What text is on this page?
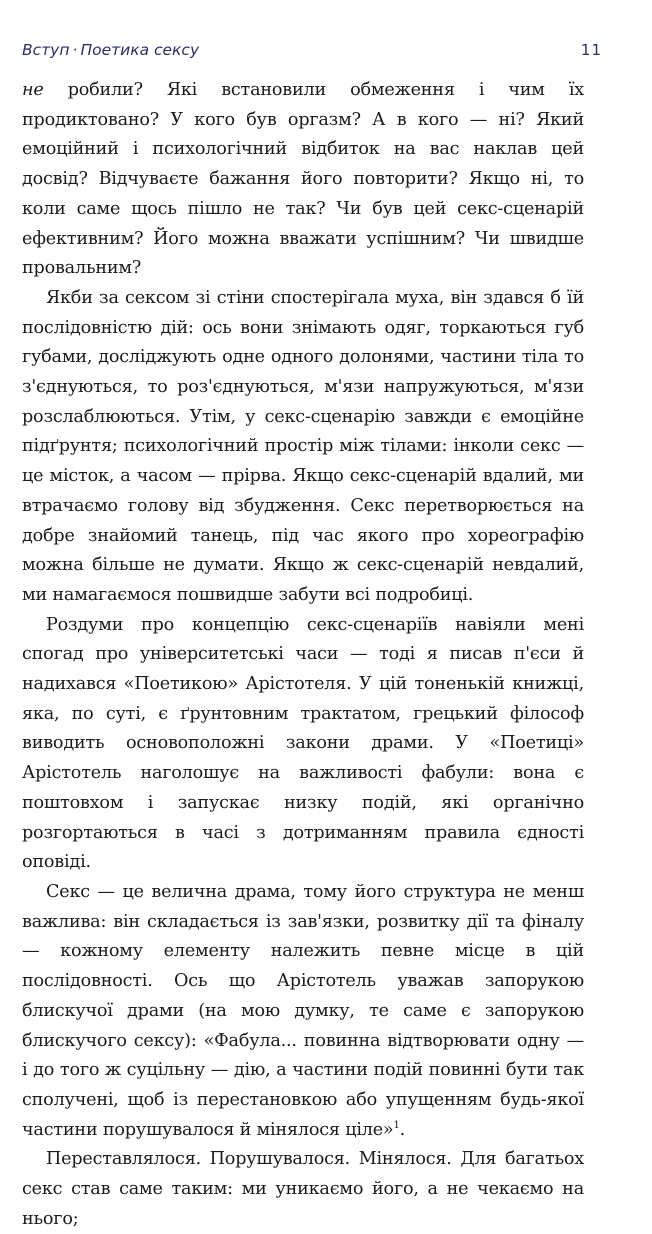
Вступ · Поетика сексу	11

не робили? Які встановили обмеження і чим їх продиктовано? У кого був оргазм? А в кого — ні? Який емоційний і психологічний відбиток на вас наклав цей досвід? Відчуваєте бажання його повторити? Якщо ні, то коли саме щось пішло не так? Чи був цей секс-сценарій ефективним? Його можна вважати успішним? Чи швидше провальним?

Якби за сексом зі стіни спостерігала муха, він здався б їй послідовністю дій: ось вони знімають одяг, торкаються губ губами, досліджують одне одного долонями, частини тіла то з'єднуються, то роз'єднуються, м'язи напружуються, м'язи розслаблюються. Утім, у секс-сценарію завжди є емоційне підґрунтя; психологічний простір між тілами: інколи секс — це місток, а часом — прірва. Якщо секс-сценарій вдалий, ми втрачаємо голову від збудження. Секс перетворюється на добре знайомий танець, під час якого про хореографію можна більше не думати. Якщо ж секс-сценарій невдалий, ми намагаємося пошвидше забути всі подробиці.

Роздуми про концепцію секс-сценаріїв навіяли мені спогад про університетські часи — тоді я писав п'єси й надихався «Поетикою» Арістотеля. У цій тоненькій книжці, яка, по суті, є ґрунтовним трактатом, грецький філософ виводить основоположні закони драми. У «Поетиці» Арістотель наголошує на важливості фабули: вона є поштовхом і запускає низку подій, які органічно розгортаються в часі з дотриманням правила єдності оповіді.

Секс — це велична драма, тому його структура не менш важлива: він складається із зав'язки, розвитку дії та фіналу — кожному елементу належить певне місце в цій послідовності. Ось що Арістотель уважав запорукою блискучої драми (на мою думку, те саме є запорукою блискучого сексу): «Фабула... повинна відтворювати одну — і до того ж суцільну — дію, а частини подій повинні бути так сполучені, щоб із перестановкою або упущенням будь-якої частини порушувалося й мінялося ціле»$^1$.

Переставлялося. Порушувалося. Мінялося. Для багатьох секс став саме таким: ми уникаємо його, а не чекаємо на нього;
